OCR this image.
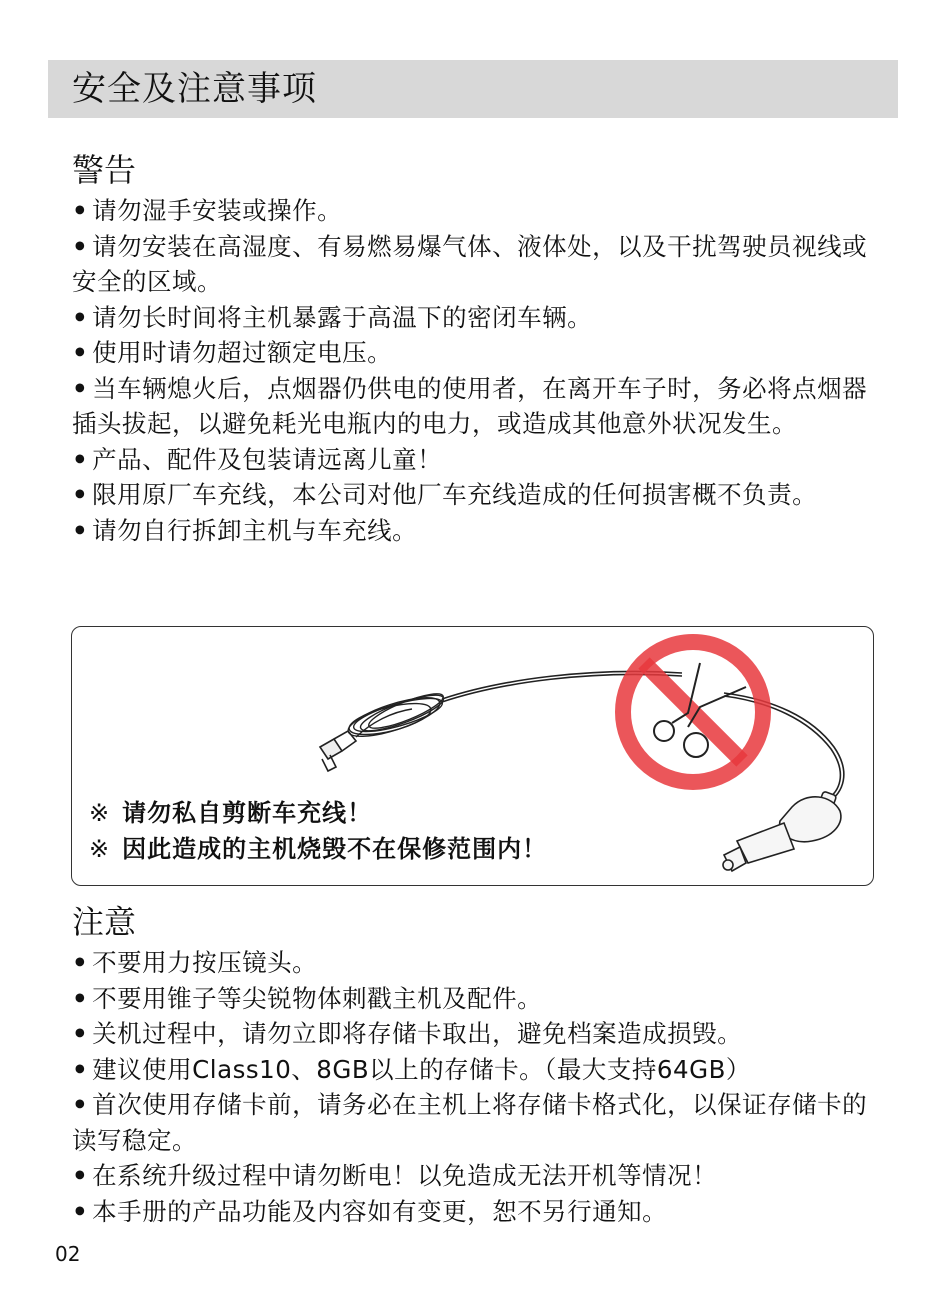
安全及注意事项
警告
• 请勿湿手安装或操作。
• 请勿安装在高湿度、有易燃易爆气体、液体处，以及干扰驾驶员视线或安全的区域。
• 请勿长时间将主机暴露于高温下的密闭车辆。
• 使用时请勿超过额定电压。
• 当车辆熄火后，点烟器仍供电的使用者，在离开车子时，务必将点烟器插头拔起，以避免耗光电瓶内的电力，或造成其他意外状况发生。
• 产品、配件及包装请远离儿童！
• 限用原厂车充线，本公司对他厂车充线造成的任何损害概不负责。
• 请勿自行拆卸主机与车充线。
※ 请勿私自剪断车充线！
※ 因此造成的主机烧毁不在保修范围内！
注意
• 不要用力按压镜头。
• 不要用锥子等尖锐物体刺戳主机及配件。
• 关机过程中，请勿立即将存储卡取出，避免档案造成损毁。
• 建议使用Class10、8GB以上的存储卡。（最大支持64GB）
• 首次使用存储卡前，请务必在主机上将存储卡格式化，以保证存储卡的读写稳定。
• 在系统升级过程中请勿断电！以免造成无法开机等情况！
• 本手册的产品功能及内容如有变更，恕不另行通知。
02
